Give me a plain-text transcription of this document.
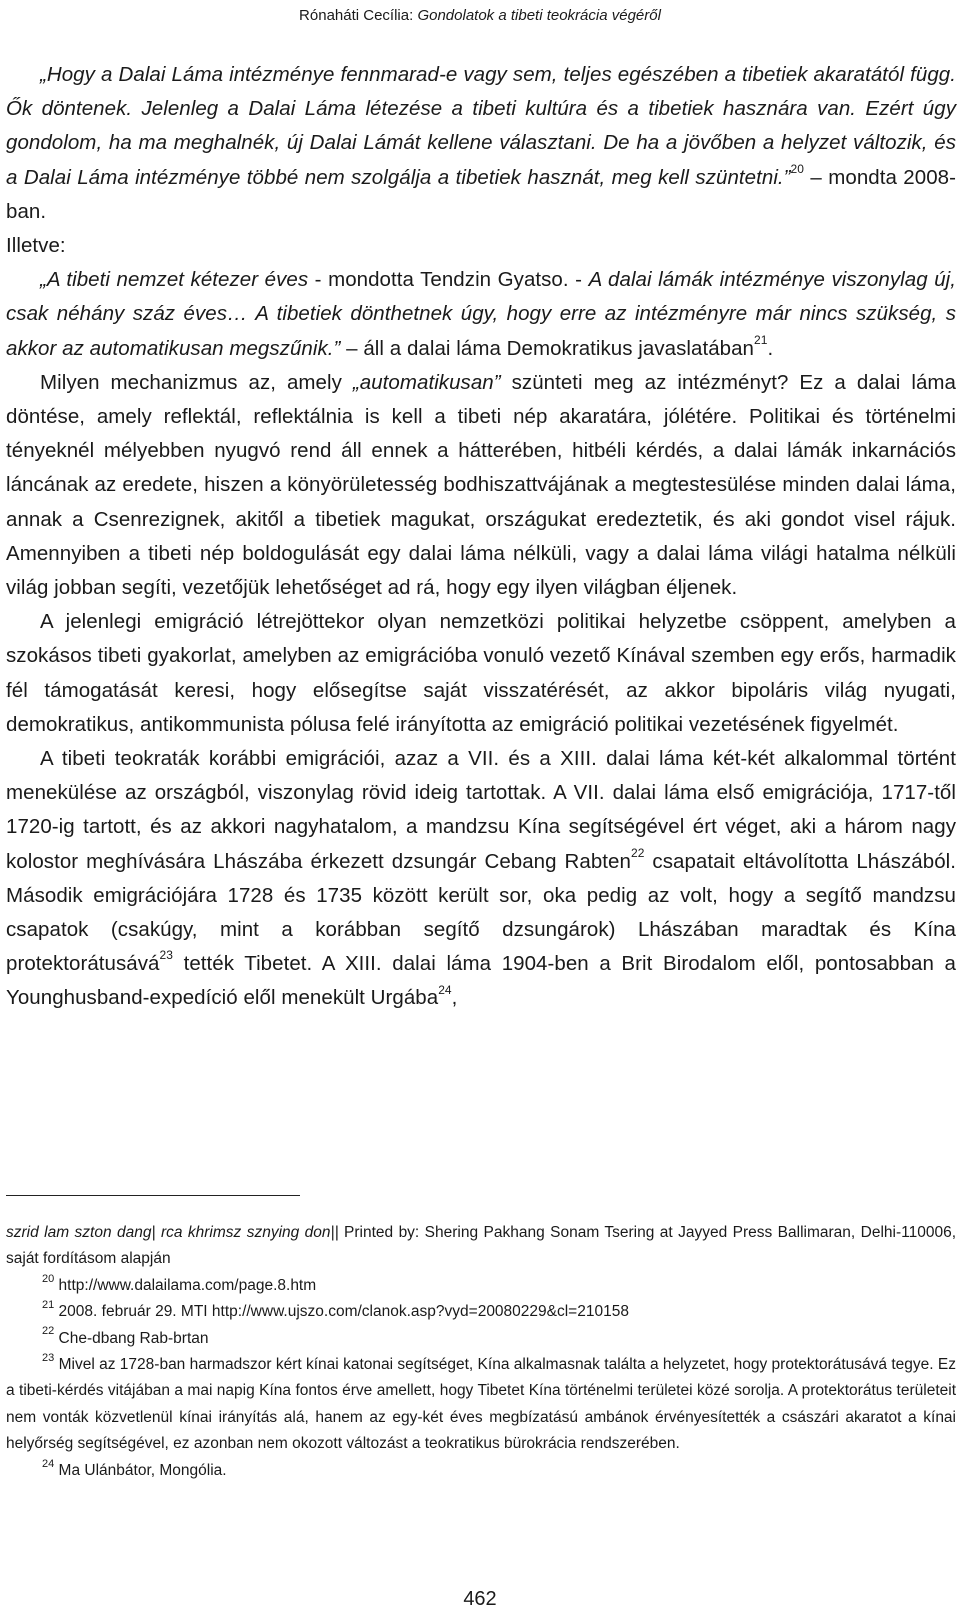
Rónaháti Cecília: Gondolatok a tibeti teokrácia végéről

„Hogy a Dalai Láma intézménye fennmarad-e vagy sem, teljes egészében a tibetiek akaratától függ. Ők döntenek. Jelenleg a Dalai Láma létezése a tibeti kultúra és a tibetiek hasznára van. Ezért úgy gondolom, ha ma meghalnék, új Dalai Lámát kellene választani. De ha a jövőben a helyzet változik, és a Dalai Láma intézménye többé nem szolgálja a tibetiek hasznát, meg kell szüntetni.”$^{20}$ – mondta 2008-ban.

Illetve:

„A tibeti nemzet kétezer éves - mondotta Tendzin Gyatso. - A dalai lámák intézménye viszonylag új, csak néhány száz éves… A tibetiek dönthetnek úgy, hogy erre az intézményre már nincs szükség, s akkor az automatikusan megszűnik.” – áll a dalai láma Demokratikus javaslatában$^{21}$.

Milyen mechanizmus az, amely „automatikusan” szünteti meg az intézményt? Ez a dalai láma döntése, amely reflektál, reflektálnia is kell a tibeti nép akaratára, jólétére. Politikai és történelmi tényeknél mélyebben nyugvó rend áll ennek a hátterében, hitbéli kérdés, a dalai lámák inkarnációs láncának az eredete, hiszen a könyörületesség bodhiszattvájának a megtestesülése minden dalai láma, annak a Csenrezignek, akitől a tibetiek magukat, országukat eredeztetik, és aki gondot visel rájuk. Amennyiben a tibeti nép boldogulását egy dalai láma nélküli, vagy a dalai láma világi hatalma nélküli világ jobban segíti, vezetőjük lehetőséget ad rá, hogy egy ilyen világban éljenek.

A jelenlegi emigráció létrejöttekor olyan nemzetközi politikai helyzetbe csöppent, amelyben a szokásos tibeti gyakorlat, amelyben az emigrációba vonuló vezető Kínával szemben egy erős, harmadik fél támogatását keresi, hogy elősegítse saját visszatérését, az akkor bipoláris világ nyugati, demokratikus, antikommunista pólusa felé irányította az emigráció politikai vezetésének figyelmét.

A tibeti teokraták korábbi emigrációi, azaz a VII. és a XIII. dalai láma két-két alkalommal történt menekülése az országból, viszonylag rövid ideig tartottak. A VII. dalai láma első emigrációja, 1717-től 1720-ig tartott, és az akkori nagyhatalom, a mandzsu Kína segítségével ért véget, aki a három nagy kolostor meghívására Lhászába érkezett dzsungár Cebang Rabten$^{22}$ csapatait eltávolította Lhászából. Második emigrációjára 1728 és 1735 között került sor, oka pedig az volt, hogy a segítő mandzsu csapatok (csakúgy, mint a korábban segítő dzsungárok) Lhászában maradtak és Kína protektorátusává$^{23}$ tették Tibetet. A XIII. dalai láma 1904-ben a Brit Birodalom elől, pontosabban a Younghusband-expedíció elől menekült Urgába$^{24}$,

szrid lam szton dang| rca khrimsz sznying don|| Printed by: Shering Pakhang Sonam Tsering at Jayyed Press Ballimaran, Delhi-110006, saját fordításom alapján

$^{20}$ http://www.dalailama.com/page.8.htm

$^{21}$ 2008. február 29. MTI http://www.ujszo.com/clanok.asp?vyd=20080229&cl=210158

$^{22}$ Che-dbang Rab-brtan

$^{23}$ Mivel az 1728-ban harmadszor kért kínai katonai segítséget, Kína alkalmasnak találta a helyzetet, hogy protektorátusává tegye. Ez a tibeti-kérdés vitájában a mai napig Kína fontos érve amellett, hogy Tibetet Kína történelmi területei közé sorolja. A protektorátus területeit nem vonták közvetlenül kínai irányítás alá, hanem az egy-két éves megbízatású ambánok érvényesítették a császári akaratot a kínai helyőrség segítségével, ez azonban nem okozott változást a teokratikus bürokrácia rendszerében.

$^{24}$ Ma Ulánbátor, Mongólia.

462
